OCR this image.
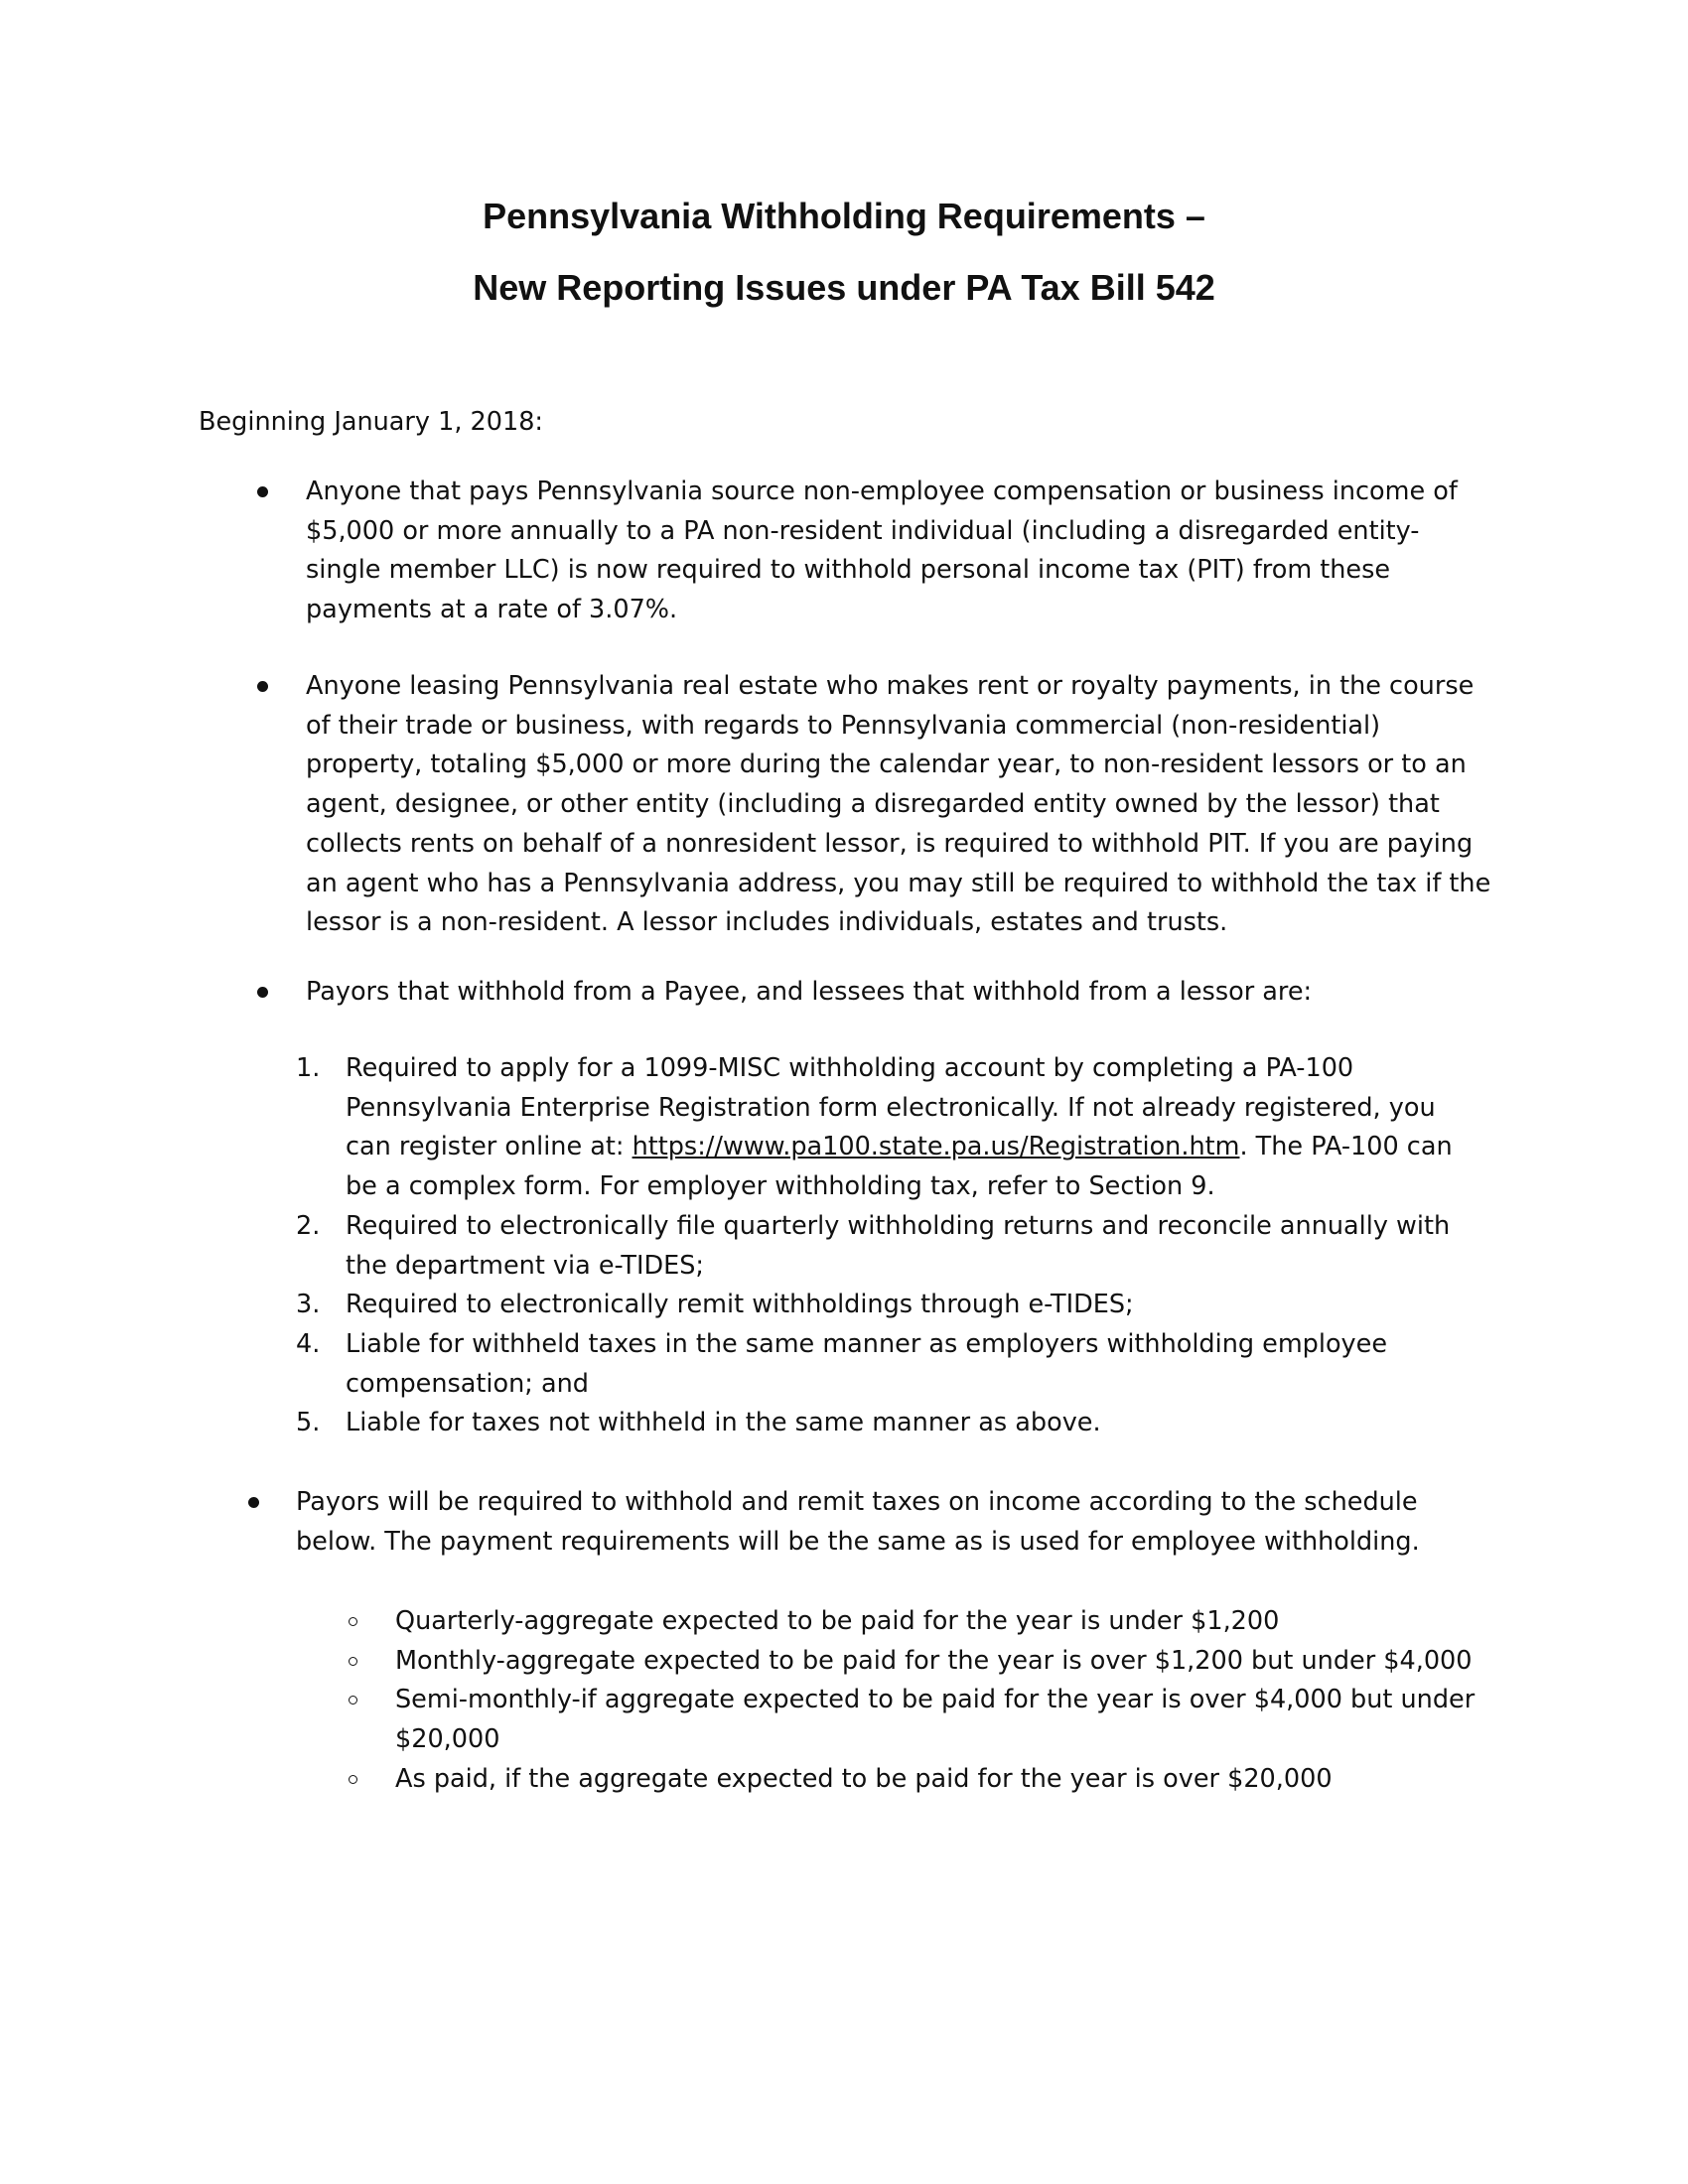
Pennsylvania Withholding Requirements –
New Reporting Issues under PA Tax Bill 542

Beginning January 1, 2018:

Anyone that pays Pennsylvania source non-employee compensation or business income of $5,000 or more annually to a PA non-resident individual (including a disregarded entity-single member LLC) is now required to withhold personal income tax (PIT) from these payments at a rate of 3.07%.
Anyone leasing Pennsylvania real estate who makes rent or royalty payments, in the course of their trade or business, with regards to Pennsylvania commercial (non-residential) property, totaling $5,000 or more during the calendar year, to non-resident lessors or to an agent, designee, or other entity (including a disregarded entity owned by the lessor) that collects rents on behalf of a nonresident lessor, is required to withhold PIT. If you are paying an agent who has a Pennsylvania address, you may still be required to withhold the tax if the lessor is a non-resident. A lessor includes individuals, estates and trusts.
Payors that withhold from a Payee, and lessees that withhold from a lessor are:
1. Required to apply for a 1099-MISC withholding account by completing a PA-100 Pennsylvania Enterprise Registration form electronically. If not already registered, you can register online at: https://www.pa100.state.pa.us/Registration.htm. The PA-100 can be a complex form. For employer withholding tax, refer to Section 9.
2. Required to electronically file quarterly withholding returns and reconcile annually with the department via e-TIDES;
3. Required to electronically remit withholdings through e-TIDES;
4. Liable for withheld taxes in the same manner as employers withholding employee compensation; and
5. Liable for taxes not withheld in the same manner as above.
Payors will be required to withhold and remit taxes on income according to the schedule below. The payment requirements will be the same as is used for employee withholding.
Quarterly-aggregate expected to be paid for the year is under $1,200
Monthly-aggregate expected to be paid for the year is over $1,200 but under $4,000
Semi-monthly-if aggregate expected to be paid for the year is over $4,000 but under $20,000
As paid, if the aggregate expected to be paid for the year is over $20,000
